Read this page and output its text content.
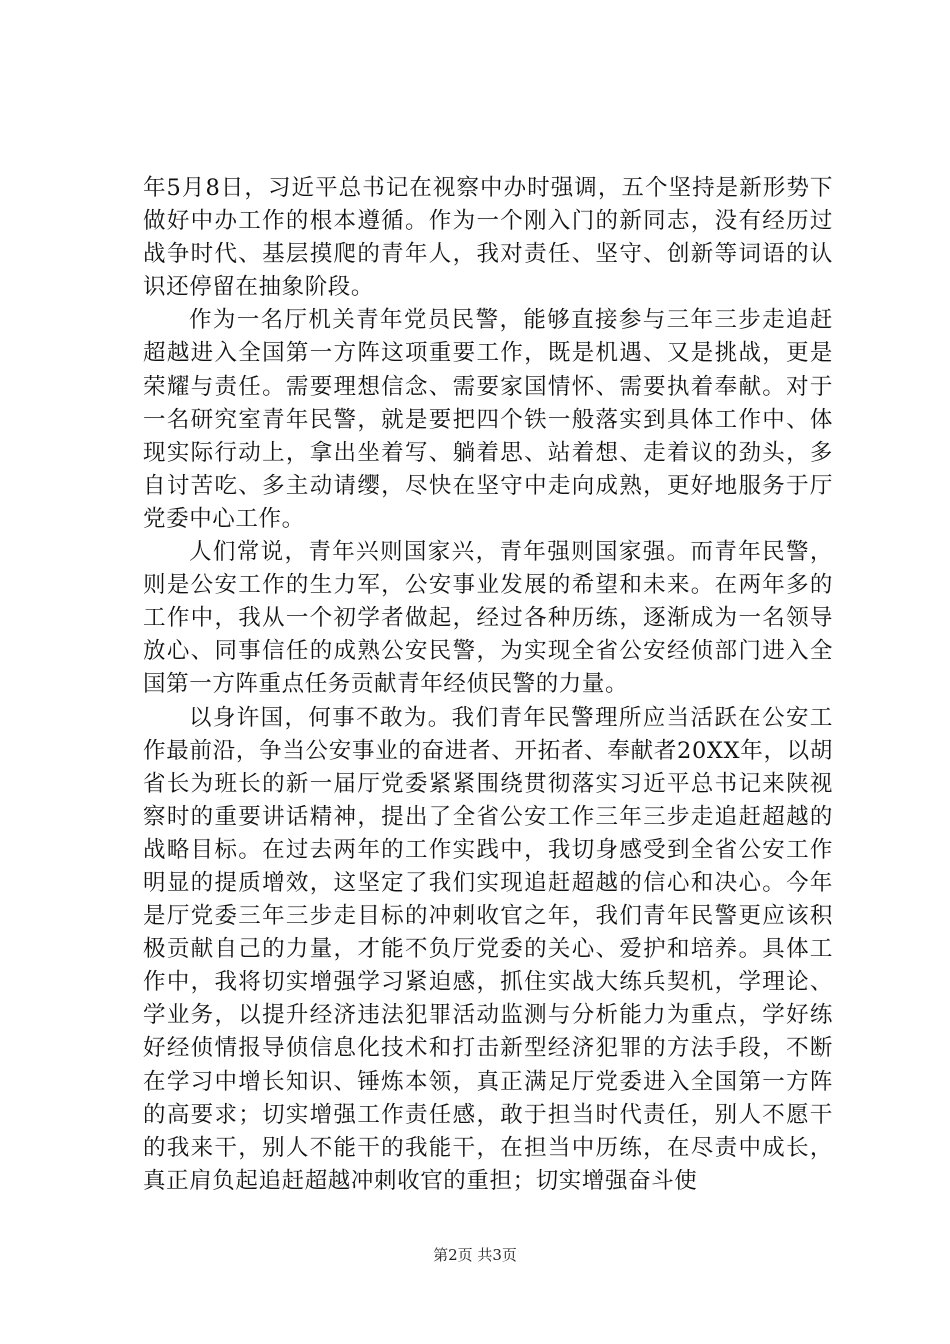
年5月8日，习近平总书记在视察中办时强调，五个坚持是新形势下做好中办工作的根本遵循。作为一个刚入门的新同志，没有经历过战争时代、基层摸爬的青年人，我对责任、坚守、创新等词语的认识还停留在抽象阶段。

作为一名厅机关青年党员民警，能够直接参与三年三步走追赶超越进入全国第一方阵这项重要工作，既是机遇、又是挑战，更是荣耀与责任。需要理想信念、需要家国情怀、需要执着奉献。对于一名研究室青年民警，就是要把四个铁一般落实到具体工作中、体现实际行动上，拿出坐着写、躺着思、站着想、走着议的劲头，多自讨苦吃、多主动请缨，尽快在坚守中走向成熟，更好地服务于厅党委中心工作。

人们常说，青年兴则国家兴，青年强则国家强。而青年民警，则是公安工作的生力军，公安事业发展的希望和未来。在两年多的工作中，我从一个初学者做起，经过各种历练，逐渐成为一名领导放心、同事信任的成熟公安民警，为实现全省公安经侦部门进入全国第一方阵重点任务贡献青年经侦民警的力量。

以身许国，何事不敢为。我们青年民警理所应当活跃在公安工作最前沿，争当公安事业的奋进者、开拓者、奉献者20XX年，以胡省长为班长的新一届厅党委紧紧围绕贯彻落实习近平总书记来陕视察时的重要讲话精神，提出了全省公安工作三年三步走追赶超越的战略目标。在过去两年的工作实践中，我切身感受到全省公安工作明显的提质增效，这坚定了我们实现追赶超越的信心和决心。今年是厅党委三年三步走目标的冲刺收官之年，我们青年民警更应该积极贡献自己的力量，才能不负厅党委的关心、爱护和培养。具体工作中，我将切实增强学习紧迫感，抓住实战大练兵契机，学理论、学业务，以提升经济违法犯罪活动监测与分析能力为重点，学好练好经侦情报导侦信息化技术和打击新型经济犯罪的方法手段，不断在学习中增长知识、锤炼本领，真正满足厅党委进入全国第一方阵的高要求；切实增强工作责任感，敢于担当时代责任，别人不愿干的我来干，别人不能干的我能干，在担当中历练，在尽责中成长，真正肩负起追赶超越冲刺收官的重担；切实增强奋斗使

第2页 共3页
